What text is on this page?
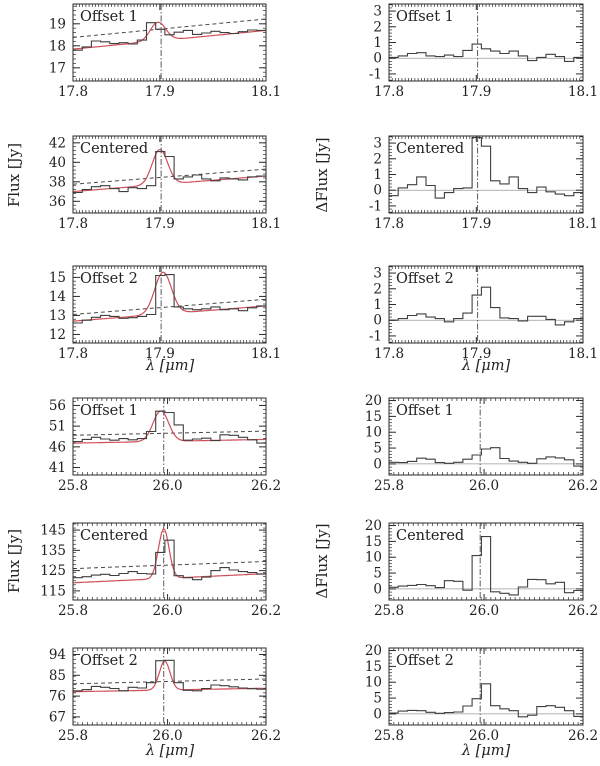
17.8	17.9	18.1
17
18
19 Offset 1
17.8	17.9	18.1
-1
0
1
2
3 Offset 1
17.8	17.9	18.1
36
38
40
42 Centered
17.8	17.9	18.1
-1
0
1
2
3 Centered
17.8	17.9	18.1
12
13
14
15 Offset 2
17.8	17.9	18.1
-1
0
1
2
3 Offset 2
25.8	26.0	26.2
41
46
51
56 Offset 1
25.8	26.0	26.2
0
5
10
15
20
Offset 1
25.8	26.0	26.2
115
125
135
145 Centered
25.8	26.0	26.2
0
5
10
15
20
Centered
25.8	26.0	26.2
67
76
85
94 Offset 2
25.8	26.0	26.2
0
5
10
15
20
Offset 2
Flux [Jy]	ΔFlux [Jy]
Flux [Jy]	ΔFlux [Jy]
λ [μm]	λ [μm]
λ [μm]	λ [μm]
